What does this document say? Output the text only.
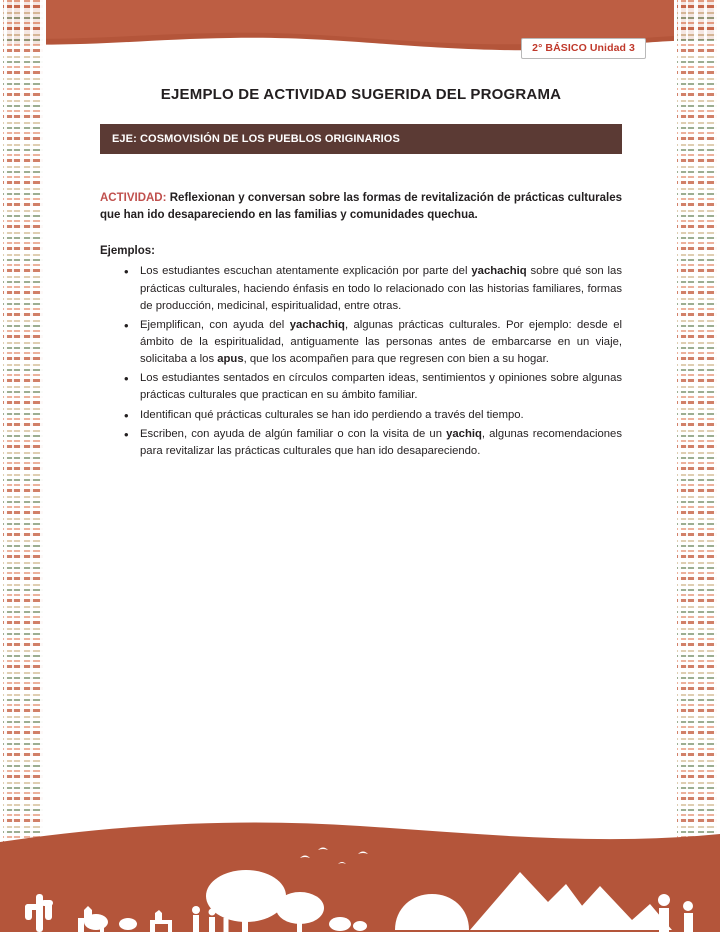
2° BÁSICO Unidad 3
EJEMPLO DE ACTIVIDAD SUGERIDA DEL PROGRAMA
EJE: COSMOVISIÓN DE LOS PUEBLOS ORIGINARIOS
ACTIVIDAD: Reflexionan y conversan sobre las formas de revitalización de prácticas culturales que han ido desapareciendo en las familias y comunidades quechua.
Ejemplos:
• Los estudiantes escuchan atentamente explicación por parte del yachachiq sobre qué son las prácticas culturales, haciendo énfasis en todo lo relacionado con las historias familiares, formas de producción, medicinal, espiritualidad, entre otras.
• Ejemplifican, con ayuda del yachachiq, algunas prácticas culturales. Por ejemplo: desde el ámbito de la espiritualidad, antiguamente las personas antes de embarcarse en un viaje, solicitaba a los apus, que los acompañen para que regresen con bien a su hogar.
• Los estudiantes sentados en círculos comparten ideas, sentimientos y opiniones sobre algunas prácticas culturales que practican en su ámbito familiar.
• Identifican qué prácticas culturales se han ido perdiendo a través del tiempo.
• Escriben, con ayuda de algún familiar o con la visita de un yachiq, algunas recomendaciones para revitalizar las prácticas culturales que han ido desapareciendo.
